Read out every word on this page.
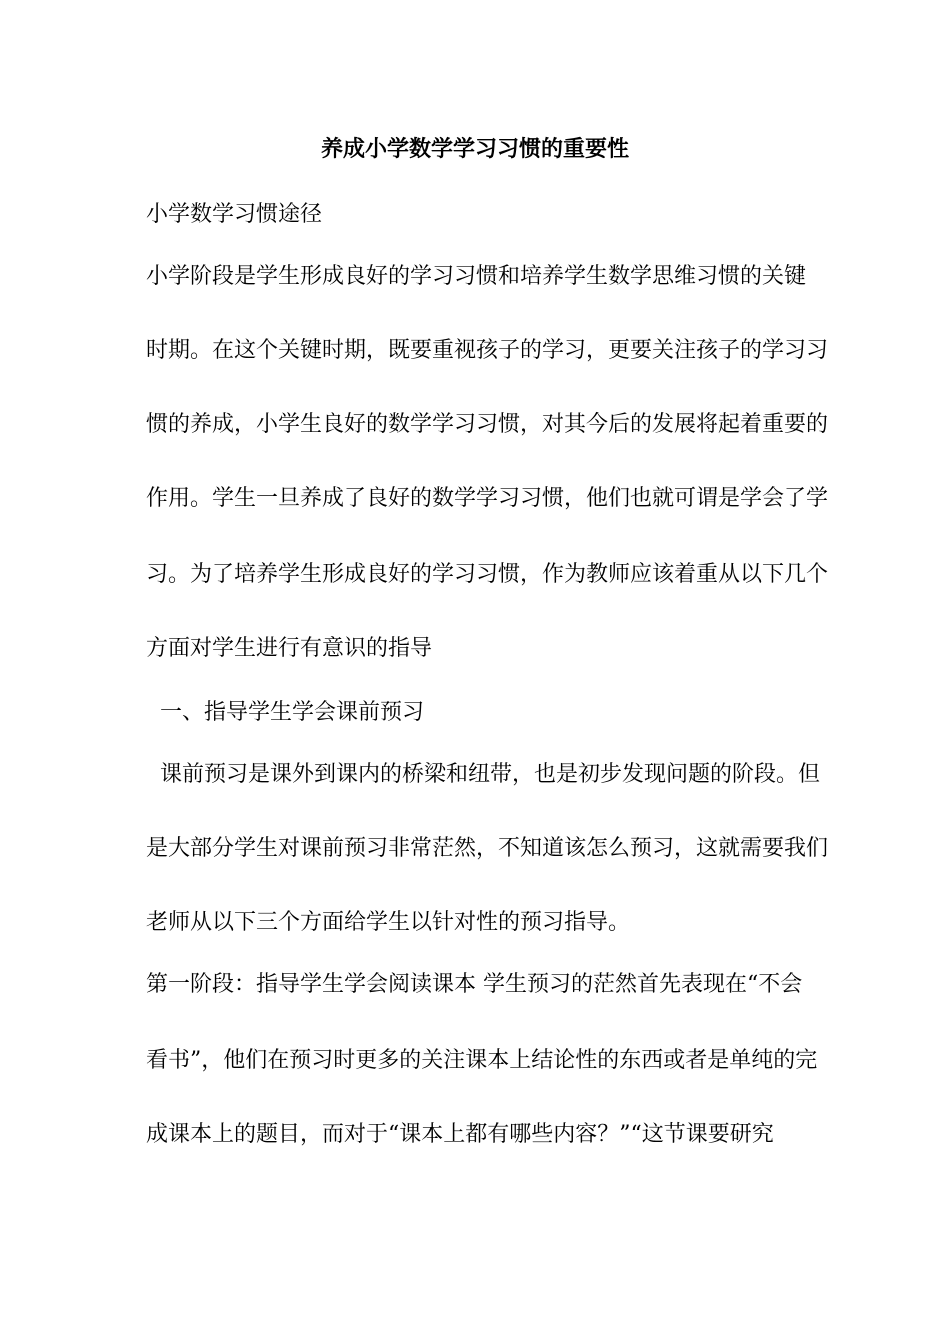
养成小学数学学习习惯的重要性
小学数学习惯途径
小学阶段是学生形成良好的学习习惯和培养学生数学思维习惯的关键
时期。在这个关键时期，既要重视孩子的学习，更要关注孩子的学习习
惯的养成，小学生良好的数学学习习惯，对其今后的发展将起着重要的
作用。学生一旦养成了良好的数学学习习惯，他们也就可谓是学会了学
习。为了培养学生形成良好的学习习惯，作为教师应该着重从以下几个
方面对学生进行有意识的指导
一、指导学生学会课前预习
课前预习是课外到课内的桥梁和纽带，也是初步发现问题的阶段。但
是大部分学生对课前预习非常茫然，不知道该怎么预习，这就需要我们
老师从以下三个方面给学生以针对性的预习指导。
第一阶段：指导学生学会阅读课本 学生预习的茫然首先表现在“不会
看书”，他们在预习时更多的关注课本上结论性的东西或者是单纯的完
成课本上的题目，而对于“课本上都有哪些内容？”“这节课要研究
